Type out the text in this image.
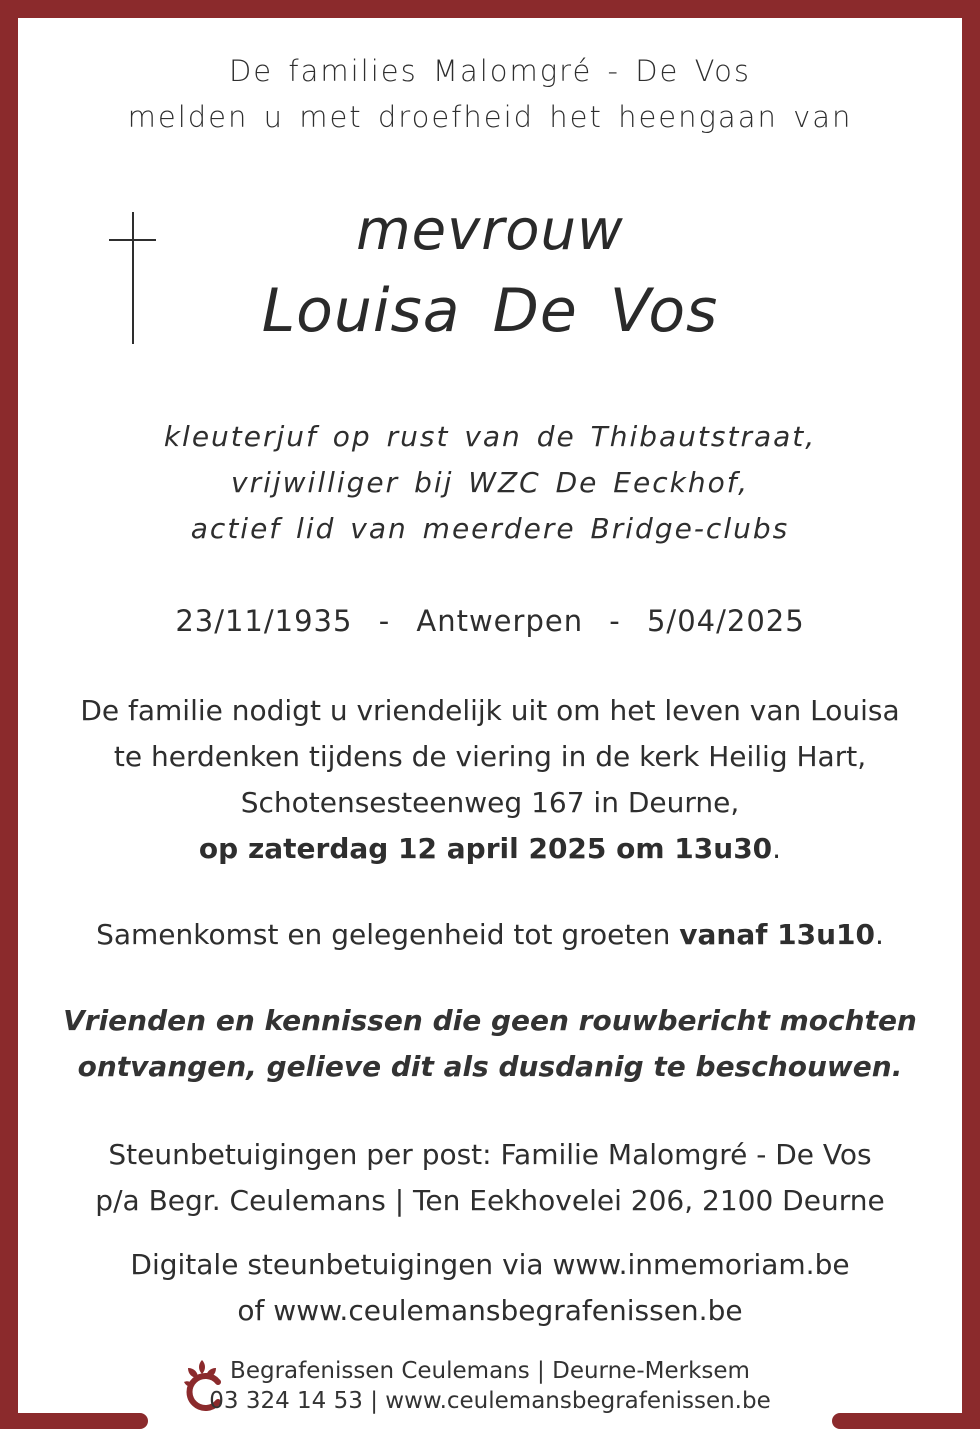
De families Malomgré - De Vos
melden u met droefheid het heengaan van
mevrouw
Louisa De Vos
kleuterjuf op rust van de Thibautstraat,
vrijwilliger bij WZC De Eeckhof,
actief lid van meerdere Bridge-clubs
23/11/1935 - Antwerpen - 5/04/2025
De familie nodigt u vriendelijk uit om het leven van Louisa
te herdenken tijdens de viering in de kerk Heilig Hart,
Schotensesteenweg 167 in Deurne,
op zaterdag 12 april 2025 om 13u30.
Samenkomst en gelegenheid tot groeten vanaf 13u10.
Vrienden en kennissen die geen rouwbericht mochten
ontvangen, gelieve dit als dusdanig te beschouwen.
Steunbetuigingen per post: Familie Malomgré - De Vos
p/a Begr. Ceulemans | Ten Eekhovelei 206, 2100 Deurne
Digitale steunbetuigingen via www.inmemoriam.be
of www.ceulemansbegrafenissen.be
Begrafenissen Ceulemans | Deurne-Merksem
03 324 14 53 | www.ceulemansbegrafenissen.be
